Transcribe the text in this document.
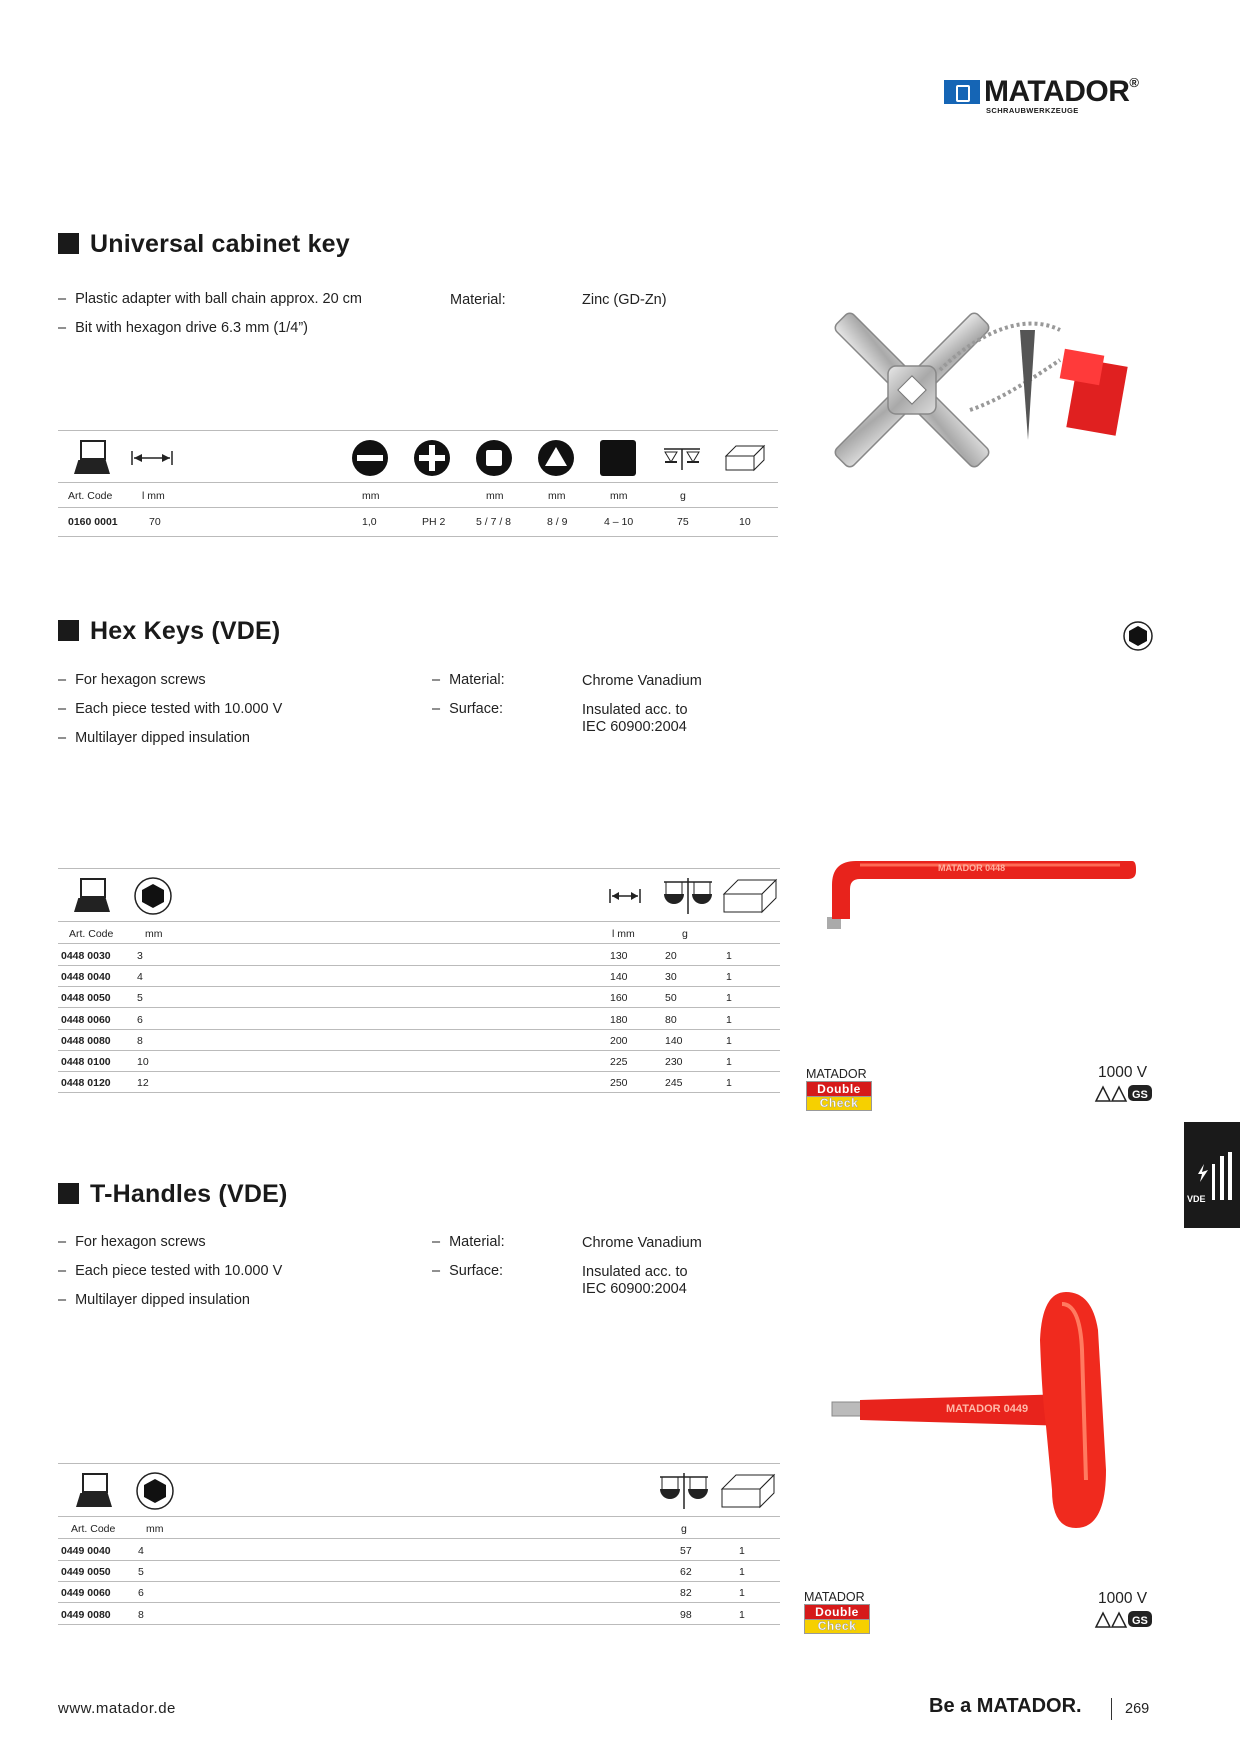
MATADOR®
SCHRAUBWERKZEUGE
Universal cabinet key
– Plastic adapter with ball chain approx. 20 cm
– Bit with hexagon drive 6.3 mm (1/4”)
Material:	Zinc (GD-Zn)
Art. Code	l mm	mm	mm	mm	mm	g
0160 0001	70	1,0	PH 2	5 / 7 / 8	8 / 9	4 – 10	75	10
Hex Keys (VDE)
– For hexagon screws
– Each piece tested with 10.000 V
– Multilayer dipped insulation
– Material:
– Surface:
Chrome Vanadium
Insulated acc. to
IEC 60900:2004
MATADOR 0448
Art. Code	mm	l mm	g
0448 0030	3	130	20	1
0448 0040	4	140	30	1
0448 0050	5	160	50	1
0448 0060	6	180	80	1
0448 0080	8	200	140	1
0448 0100	10	225	230	1
0448 0120	12	250	245	1
MATADOR
Double
Check
1000 V
GS
VDE
T-Handles (VDE)
– For hexagon screws
– Each piece tested with 10.000 V
– Multilayer dipped insulation
– Material:
– Surface:
Chrome Vanadium
Insulated acc. to
IEC 60900:2004
MATADOR 0449
Art. Code	mm	g
0449 0040	4	57	1
0449 0050	5	62	1
0449 0060	6	82	1
0449 0080	8	98	1
MATADOR
Double
Check
1000 V
GS
www.matador.de	Be a MATADOR.	269
